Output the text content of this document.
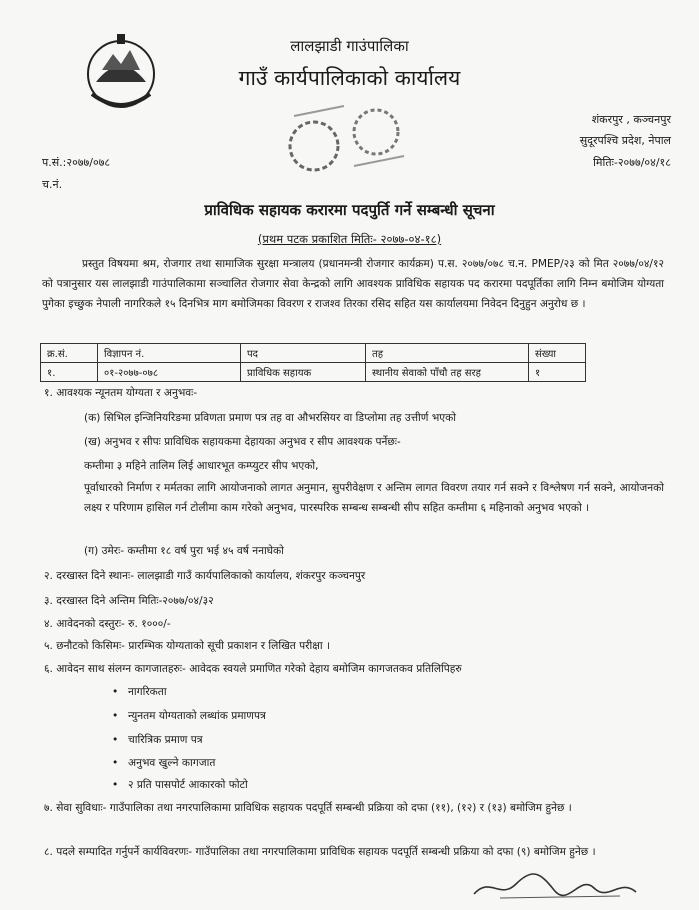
लालझाडी गाउंपालिका
गाउँ कार्यपालिकाको कार्यालय
शंकरपुर , कञ्चनपुर
सुदूरपश्चि प्रदेश, नेपाल
मितिः-२०७७/०४/१८
प.सं.:२०७७/०७८
च.नं.
प्राविधिक सहायक करारमा पदपुर्ति गर्ने सम्बन्धी सूचना
(प्रथम पटक प्रकाशित मितिः- २०७७-०४-१८)
प्रस्तुत विषयमा श्रम, रोजगार तथा सामाजिक सुरक्षा मन्त्रालय (प्रधानमन्त्री रोजगार कार्यक्रम) प.स. २०७७/०७८ च.न. PMEP/२३ को मित २०७७/०४/१२ को पत्रानुसार यस लालझाडी गाउंपालिकामा सञ्चालित रोजगार सेवा केन्द्रको लागि आवश्यक प्राविधिक सहायक पद करारमा पदपूर्तिका लागि निम्न बमोजिम योग्यता पुगेका इच्छुक नेपाली नागरिकले १५ दिनभित्र माग बमोजिमका विवरण र राजश्व तिरका रसिद सहित यस कार्यालयमा निवेदन दिनुहुन अनुरोध छ ।
क्र.सं.	विज्ञापन नं.	पद	तह	संख्या
१.	०१-२०७७-०७८	प्राविधिक सहायक	स्थानीय सेवाको पाँचौ तह सरह	१
१. आवश्यक न्यूनतम योग्यता र अनुभवः-
(क) सिभिल इन्जिनियरिङमा प्रविणता प्रमाण पत्र तह वा औभरसियर वा डिप्लोमा तह उत्तीर्ण भएको
(ख) अनुभव र सीपः प्राविधिक सहायकमा देहायका अनुभव र सीप आवश्यक पर्नेछः-
कम्तीमा ३ महिने तालिम लिई आधारभूत कम्प्युटर सीप भएको,
पूर्वाधारको निर्माण र मर्मतका लागि आयोजनाको लागत अनुमान, सुपरीवेक्षण र अन्तिम लागत विवरण तयार गर्न सक्ने र विश्लेषण गर्न सक्ने, आयोजनको लक्ष्य र परिणाम हासिल गर्न टोलीमा काम गरेको अनुभव, पारस्परिक सम्बन्ध सम्बन्धी सीप सहित कम्तीमा ६ महिनाको अनुभव भएको ।
(ग) उमेरः- कम्तीमा १८ वर्ष पुरा भई ४५ वर्ष ननाघेको
२. दरखास्त दिने स्थानः- लालझाडी गाउँ कार्यपालिकाको कार्यालय, शंकरपुर कञ्चनपुर
३. दरखास्त दिने अन्तिम मितिः-२०७७/०४/३२
४. आवेदनको दस्तुरः- रु. १०००/-
५. छनौटको किसिमः- प्रारम्भिक योग्यताको सूची प्रकाशन र लिखित परीक्षा ।
६. आवेदन साथ संलग्न कागजातहरुः- आवेदक स्वयले प्रमाणित गरेको देहाय बमोजिम कागजतकव प्रतिलिपिहरु
• नागरिकता
• न्युनतम योग्यताको लब्धांक प्रमाणपत्र
• चारित्रिक प्रमाण पत्र
• अनुभव खुल्ने कागजात
• २ प्रति पासपोर्ट आकारको फोटो
७. सेवा सुविधाः- गाउँपालिका तथा नगरपालिकामा प्राविधिक सहायक पदपूर्ति सम्बन्धी प्रक्रिया को दफा (११), (१२) र (१३) बमोजिम हुनेछ ।
८. पदले सम्पादित गर्नुपर्ने कार्यविवरणः- गाउँपालिका तथा नगरपालिकामा प्राविधिक सहायक पदपूर्ति सम्बन्धी प्रक्रिया को दफा (९) बमोजिम हुनेछ ।
